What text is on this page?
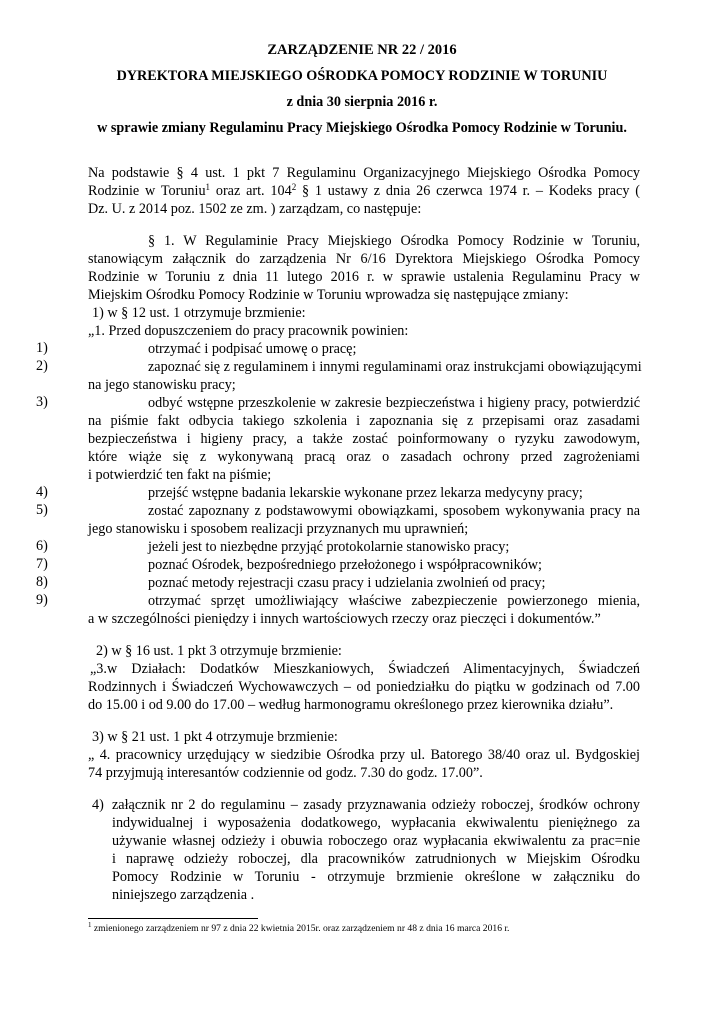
ZARZĄDZENIE NR 22 / 2016
DYREKTORA MIEJSKIEGO OŚRODKA POMOCY RODZINIE W TORUNIU
z dnia 30 sierpnia 2016 r.
w sprawie zmiany Regulaminu Pracy Miejskiego Ośrodka Pomocy Rodzinie w Toruniu.
Na podstawie § 4 ust. 1 pkt 7 Regulaminu Organizacyjnego Miejskiego Ośrodka Pomocy
Rodzinie w Toruniu$^1$ oraz art. $104^2$ § 1 ustawy z dnia 26 czerwca 1974 r. – Kodeks pracy (
Dz. U. z 2014 poz. 1502 ze zm. ) zarządzam, co następuje:
§ 1. W Regulaminie Pracy Miejskiego Ośrodka Pomocy Rodzinie w Toruniu,
stanowiącym załącznik do zarządzenia Nr 6/16 Dyrektora Miejskiego Ośrodka Pomocy
Rodzinie w Toruniu z dnia 11 lutego 2016 r. w sprawie ustalenia Regulaminu Pracy w
Miejskim Ośrodku Pomocy Rodzinie w Toruniu wprowadza się następujące zmiany:
1) w § 12 ust. 1 otrzymuje brzmienie:
„1. Przed dopuszczeniem do pracy pracownik powinien:
1)	otrzymać i podpisać umowę o pracę;
2)	zapoznać się z regulaminem i innymi regulaminami oraz instrukcjami obowiązującymi
na jego stanowisku pracy;
3)	odbyć wstępne przeszkolenie w zakresie bezpieczeństwa i higieny pracy, potwierdzić
na piśmie fakt odbycia takiego szkolenia i zapoznania się z przepisami oraz zasadami
bezpieczeństwa i higieny pracy, a także zostać poinformowany o ryzyku zawodowym,
które wiąże się z wykonywaną pracą oraz o zasadach ochrony przed zagrożeniami
i potwierdzić ten fakt na piśmie;
4)	przejść wstępne badania lekarskie wykonane przez lekarza medycyny pracy;
5)	zostać zapoznany z podstawowymi obowiązkami, sposobem wykonywania pracy na
jego stanowisku i sposobem realizacji przyznanych mu uprawnień;
6)	jeżeli jest to niezbędne przyjąć protokolarnie stanowisko pracy;
7)	poznać Ośrodek, bezpośredniego przełożonego i współpracowników;
8)	poznać metody rejestracji czasu pracy i udzielania zwolnień od pracy;
9)	otrzymać sprzęt umożliwiający właściwe zabezpieczenie powierzonego mienia,
a w szczególności pieniędzy i innych wartościowych rzeczy oraz pieczęci i dokumentów.”
2) w § 16 ust. 1 pkt 3 otrzymuje brzmienie:
„3.w Działach: Dodatków Mieszkaniowych, Świadczeń Alimentacyjnych, Świadczeń
Rodzinnych i Świadczeń Wychowawczych – od poniedziałku do piątku w godzinach od 7.00
do 15.00 i od 9.00 do 17.00 – według harmonogramu określonego przez kierownika działu”.
3) w § 21 ust. 1 pkt 4 otrzymuje brzmienie:
„ 4. pracownicy urzędujący w siedzibie Ośrodka przy ul. Batorego 38/40 oraz ul. Bydgoskiej
74 przyjmują interesantów codziennie od godz. 7.30 do godz. 17.00”.
4) załącznik nr 2 do regulaminu – zasady przyznawania odzieży roboczej, środków ochrony
indywidualnej i wyposażenia dodatkowego, wypłacania ekwiwalentu pieniężnego za
używanie własnej odzieży i obuwia roboczego oraz wypłacania ekwiwalentu za prac=nie
i naprawę odzieży roboczej, dla pracowników zatrudnionych w Miejskim Ośrodku
Pomocy Rodzinie w Toruniu - otrzymuje brzmienie określone w załączniku do
niniejszego zarządzenia .
$^1$ zmienionego zarządzeniem nr 97 z dnia 22 kwietnia 2015r. oraz zarządzeniem nr 48 z dnia 16 marca 2016 r.
